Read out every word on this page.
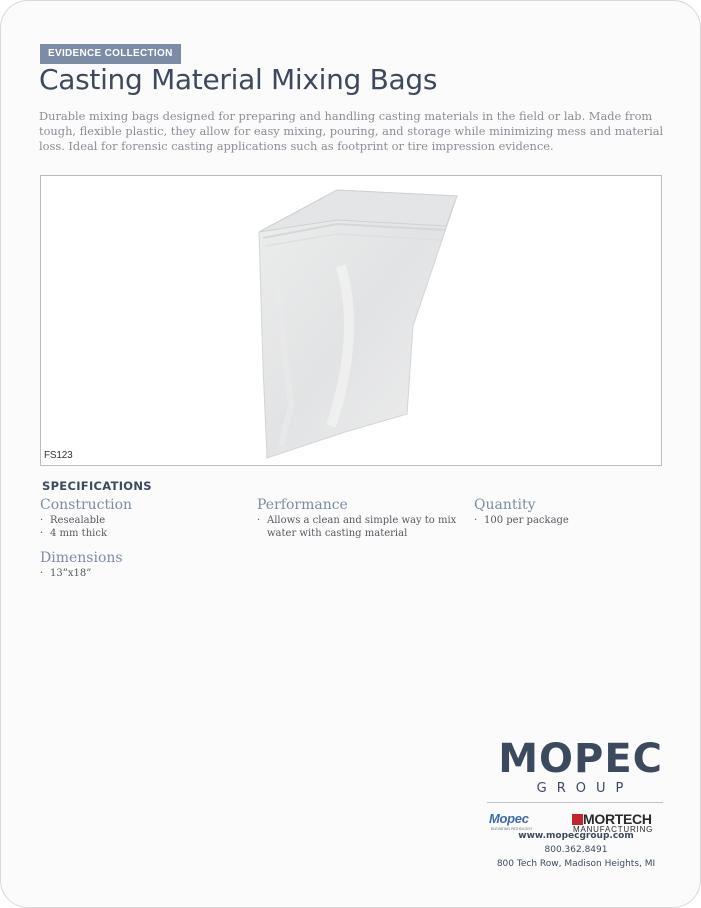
EVIDENCE COLLECTION
Casting Material Mixing Bags
Durable mixing bags designed for preparing and handling casting materials in the field or lab. Made from tough, flexible plastic, they allow for easy mixing, pouring, and storage while minimizing mess and material loss. Ideal for forensic casting applications such as footprint or tire impression evidence.
FS123
SPECIFICATIONS
Construction
· Resealable
· 4 mm thick
Performance
· Allows a clean and simple way to mix water with casting material
Quantity
· 100 per package
Dimensions
· 13”x18”
MOPEC
GROUP
Mopec
ELEVATING PATHOLOGY
MORTECH
MANUFACTURING
www.mopecgroup.com
800.362.8491
800 Tech Row, Madison Heights, MI
